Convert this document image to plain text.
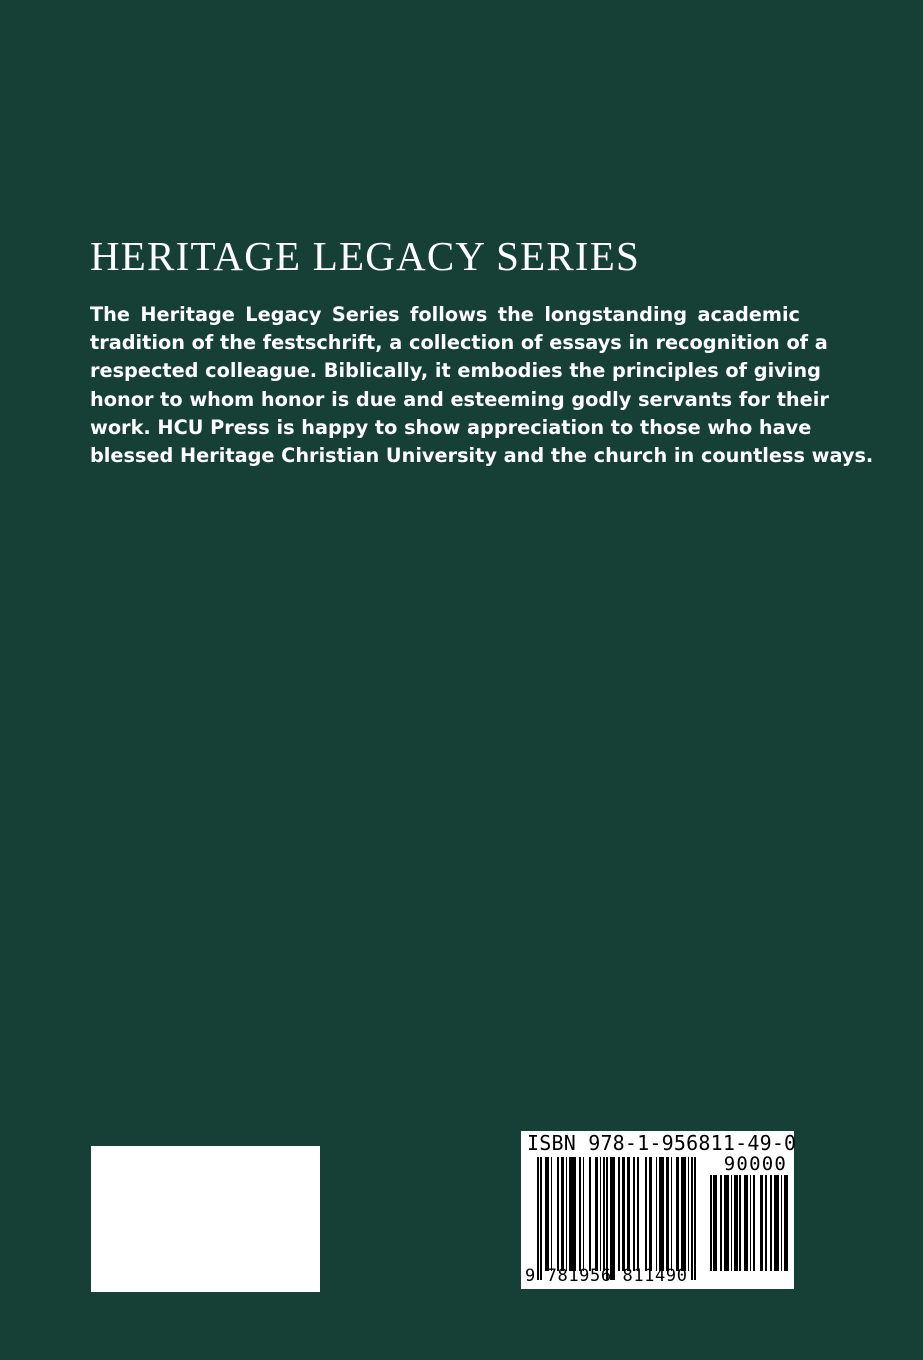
HERITAGE LEGACY SERIES
The Heritage Legacy Series follows the longstanding academic
tradition of the festschrift, a collection of essays in recognition of a
respected colleague. Biblically, it embodies the principles of giving
honor to whom honor is due and esteeming godly servants for their
work. HCU Press is happy to show appreciation to those who have
blessed Heritage Christian University and the church in countless ways.
ISBN 978-1-956811-49-0
90000
9 781956 811490
